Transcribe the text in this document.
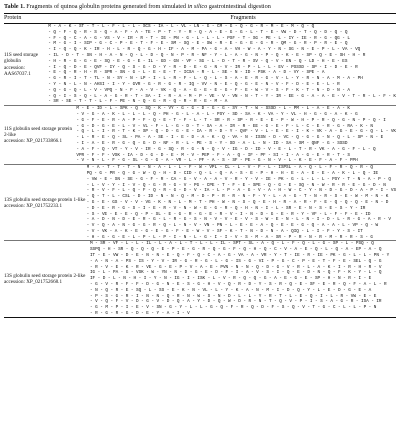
Table 1. Fragments of quinoa globulin proteins generated from simulated in silico gastrointestinal digestion
Protein	Fragments
11S seed storage globulin
accession: AAS67037.1
M - A - K - ST - T - L - F - L - L - SCS - IA - L - VL - LN - G - CM - G - Q - G - R - M - E - M - Q - Q
- Q - F - Q - R - S - Q - A - F - A - TE - P - T - Y - R - Q - A - E - G - G - L - T - E - VW - D - T - Q - D - Q - Q
- F - Q - C - A - G - VS - V - IR - R - T - IE - PN - G - L - L - L - PSF - T - SG - PE - L - IY - IE - R - G - QG - L
- M - G - I - SIP - G - C - P - E - T - F - E - SM - SQ - E - SW - R - E - G - E - G - R - QM - G - R - P - R - E - Q
- I - Q - Q - K - IR - H - L - R - Q - G - H - IF - A - M - PA - G - A - VH - W - A - Y - N - SG - N - E - P - L - VA - VQ
- IL - D - T - SN - H - A - N - Q - L - D - Q - N - P - R - NF - Y - L - A - G - N - P - Q - K - E - SP - Q - E - SH - H - R
- H - R - G - G - E - SQ - E - G - E - IL - GD - GN - VF - SG - L - D - T - R - SV - Q - V - EN - Q - LD - H - E - ES
- I - Q - D - E - QVF - IY - Q - S - G - D - Y - R - D - E - G - N - V - IR - P - L - L - EV - PSSSD - SP - I - D - E - R
- E - Q - R - H - R - SPR - SN - G - L - E - E - T - ICSA - R - L - SE - N - ID - PSK - A - D - VY - SPE - A
- G - R - I - T - TL - N - SY - N - LP - I - L - R - F - L - Q - L - S - A - E - R - G - V - L - Y - R - N - A - M - A - PH
- Y - N - L - N - AHSI - I - Y - GVR - G - R - G - R - IQ - VV - N - E - Q - G - E - N - V - F - D - E - E - L - R
- Q - G - Q - L - V - VPQ - N - F - A - V - VK - Q - A - G - E - E - G - F - E - W - V - S - F - K - T - N - D - N - A
- Q - I - S - Q - L - A - G - R - T - SA - I - R - A - M - P - VE - V - VN - N - T - Y - IR - EE - G - A - A - E - V - T - R - L - F - K
- SR - SE - T - T - L - F - PE - N - Q - G - R - Q - R - R - E - M - A
11S globulin seed storage protein 2-like
accession: XP_021733866.1
M - E - ID - L - SPK - Q - SQ - K - VY - G - G - D - G - G - SY - T - W - SSSD - L - PM - L - A - E - A - K
- V - G - A - K - L - L - L - Q - PH - G - L - A - L - PSY - SD - SA - K - VA - Y - VL - H - G - G - A - K - G
- G - F - E - R - A - P - F - Q - E - T - F - L - T - SR - R - SP - R - E - E - P - W - H - P - R - Q - G - N - P - Q - I
- G - D - G - E - L - V - VL - F - L - G - D - T - SA - A - IR - R - EE - G - E - F - L - C - E - R - G - RA - K - N
- Q - L - I - R - T - K - SP - Q - D - G - E - IA - R - D - Y - QVF - V - L - E - E - I - K - VK - A - G - E - G - Q - L - VK
- L - R - E - Q - SL - PA - A - SE - I - E - D - A - K - Q - VA - N - ISSN - D - VC - Q - G - G - N - Q - L - SP - N - E
- I - A - E - R - G - Q - G - D - NF - R - L - PE - S - Y - SD - A - L - N - ID - SA - SM - QNF - G - SSSD
- A - F - Q - VT - Y - V - IR - G - SQ - R - G - N - Q - V - IG - D - ID - V - E - L - T - R - VK - A - G - F - L - Q
VPR - F - F - VSK - IA - D - G - D - E - M - V - PEP - F - A - Q - IF - PF - SI - I - A - G - E - R - T - S
- V - N - L - F - G - SL - G - G - A - VR - L - PF - A - S - SF - PE - G - N - V - L - K - E - F - A - F - PPH
13S globulin seed storage protein 1-like
accession: XP_021752233.1
M - A - T - T - T - N - N - A - L - L - F - W - VPL - CL - L - V - F - L - ISPSL - A - Q - L - F - R - Q - R - Q
PQ - G - PR - Q - G - W - Q - H - D - CID - Q - L - Q - A - S - E - P - H - H - E - A - E - E - A - K - L - Q - IE
- VW - E - SN - SE - G - F - R - CA - G - V - A - A - V - R - Y - V - IE - PK - G - L - L - L - PSY - T - N - A - P - Q
- L - V - Y - I - V - Q - G - R - G - V - PG - CPE - T - F - E - SPE - Q - G - E - SQ - N - W - R - R - E - G - D - N
- R - V - F - L - Q - F - Q - R - G - D - V - IA - L - P - A - G - V - A - H - W - C - Y - N - D - G - D - A - P - I - VS
- Q - T - L - CSL - D - ID - N - N - Q - M - D - P - R - R - N - F - Y - L - A - G - T - N - R - S - E - W - M - N - K
- G - E - GS - V - V - VG - K - N - L - M - T - PH - W - N - S - Q - E - H - R - A - R - F - E - Q - Q - Q - E - N - D
- D - E - R - G - S - I - E - R - V - N - W - E - G - R - Q - H - N - I - L - SR - E - N - S - E - S - Y - IR
- S - VE - E - E - Q - P - SL - E - G - R - G - E - R - V - I - N - D - G - E - R - Y - VF - L - F - F - E - ID
- A - D - N - D - E - R - G - L - R - G - S - N - V - V - E - V - S - W - E - N - L - N - I - D - L - R - G - A - R - V
- V - Q - A - N - G - G - R - Q - L - N - V - VN - PN - L - E - E - A - Q - E - E - G - Q - A - A - L - VP - Q - W
- V - VK - A - K - E - G - E - G - F - E - W - V - SF - K - T - N - D - N - A - QIQ - L - I - F - Y - S - IT
- H - G - G - E - L - P - L - P - I - N - L - G - I - I - V - S - M - A - SR - P - R - N - R - M - R - R - S - G
13S globulin seed storage protein 2-like
accession: XP_021752668.1
M - SR - VF - L - L - IL - L - A - L - T - L - L - IL - SPT - SL - A - Q - L - F - Q - L - G - SP - L - PSQ - Q
SSPQ - H - SR - Q - Q - Q - E - P - E - G - R - Q - G - F - Q - H - Q - C - V - A - E - Q - L - Q - A - EP - A - Q
IT - E - VW - D - E - N - N - E - Q - F - Q - C - A - G - VA - A - VR - Y - T - IE - R - IE - PK - G - L - L - PN - Y
- A - N - A - PS - IS - Y - V - IR - G - R - G - L - G - IS - G - VI - P - G - C - P - E - T - F - E - SEL - Q - G
- R - V - E - K - R - VE - G - E - P - V - A - E - PVN - N - N - Q - D - G - V - R - L - A - K - I - R - H - R - V
IG - L - PA - G - VSK - W - YN - N - D - G - E - D - F - I - A - V - S - I - Q - E - D - N - Q - F - K - Y - L - Q
IF - D - L - N - H - I - Y - N - IG - I - ISK - L - V - R - Q - Q - G - A - E - G - E - SP - H - N - R - I - E
- G - V - R - F - F - D - G - N - E - S - G - H - V - Q - R - D - Y - S - R - Q - E - SF - E - R - Q - F - A - L - R
- N - Q - R - E - SQ - L - SS - E - K - N - VL - L - Y - K - A - N - M - I - D - Q - Y - L - E - D - G - E - A
- P - S - G - R - I - N - N - Q - R - N - W - S - N - D - L - L - Y - R - T - L - E - Q - I - L - R - VW - E - E
- V - Q - F - V - D - G - V - D - Q - A - Y - D - Q - W - D - R - N - T - Q - V - P - I - S - A - G - R - ISA - IR
- G - M - P - I - E - V - SN - G - Y - L - L - G - Q - F - R - Q - D - F - S - Q - V - T - G - C - L - L - P - N
- R - G - R - G - D - E - Y - A - I - V
